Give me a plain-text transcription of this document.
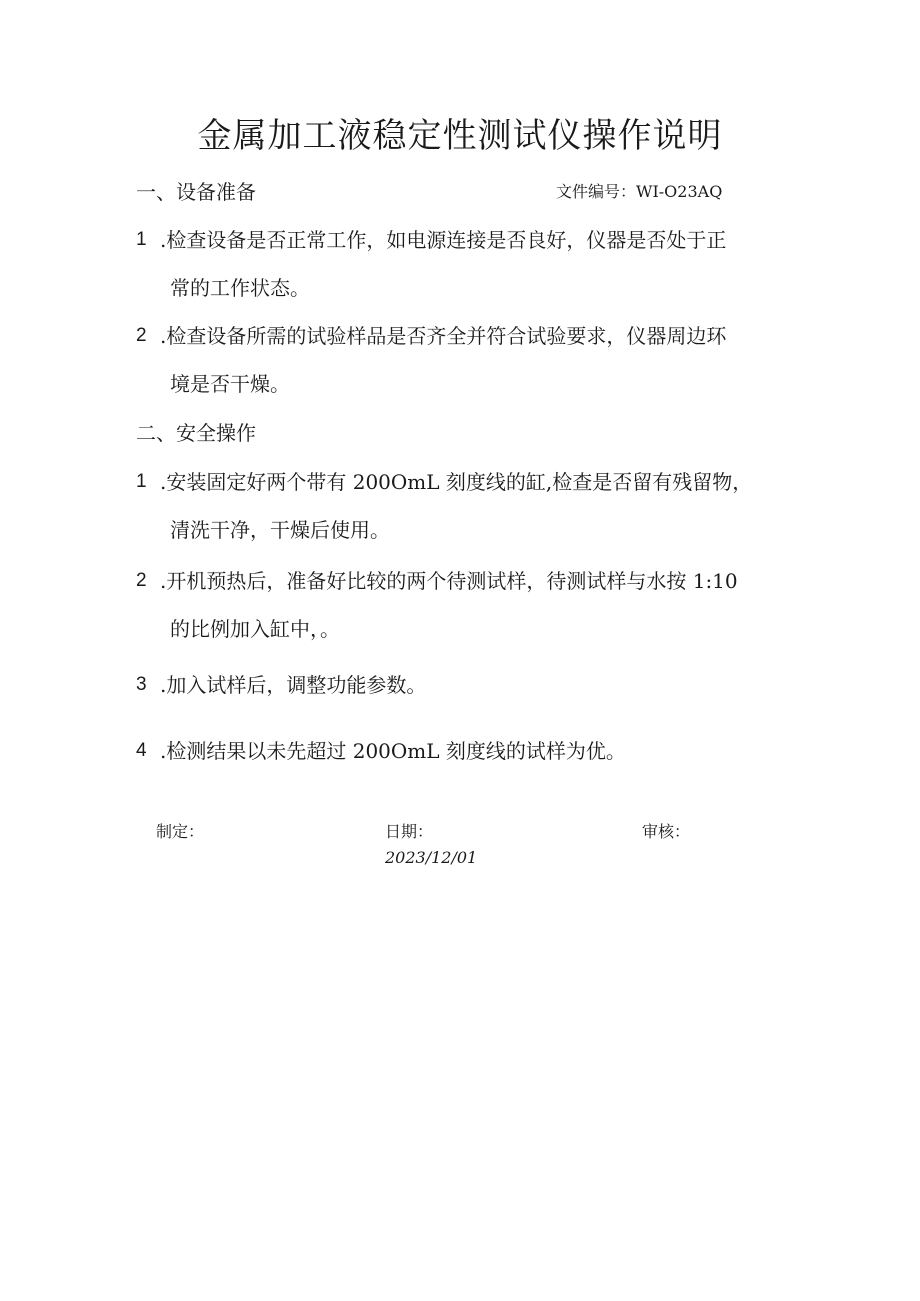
金属加工液稳定性测试仪操作说明
一、设备准备	文件编号：WI-O23AQ
1 .检查设备是否正常工作，如电源连接是否良好，仪器是否处于正
常的工作状态。
2 .检查设备所需的试验样品是否齐全并符合试验要求，仪器周边环
境是否干燥。
二、安全操作
1 .安装固定好两个带有 200OmL 刻度线的缸,检查是否留有残留物，
清洗干净，干燥后使用。
2 .开机预热后，准备好比较的两个待测试样，待测试样与水按 1:10
的比例加入缸中，。
3 .加入试样后，调整功能参数。
4 .检测结果以未先超过 200OmL 刻度线的试样为优。
制定：	日期：
2023/12/01
审核：
